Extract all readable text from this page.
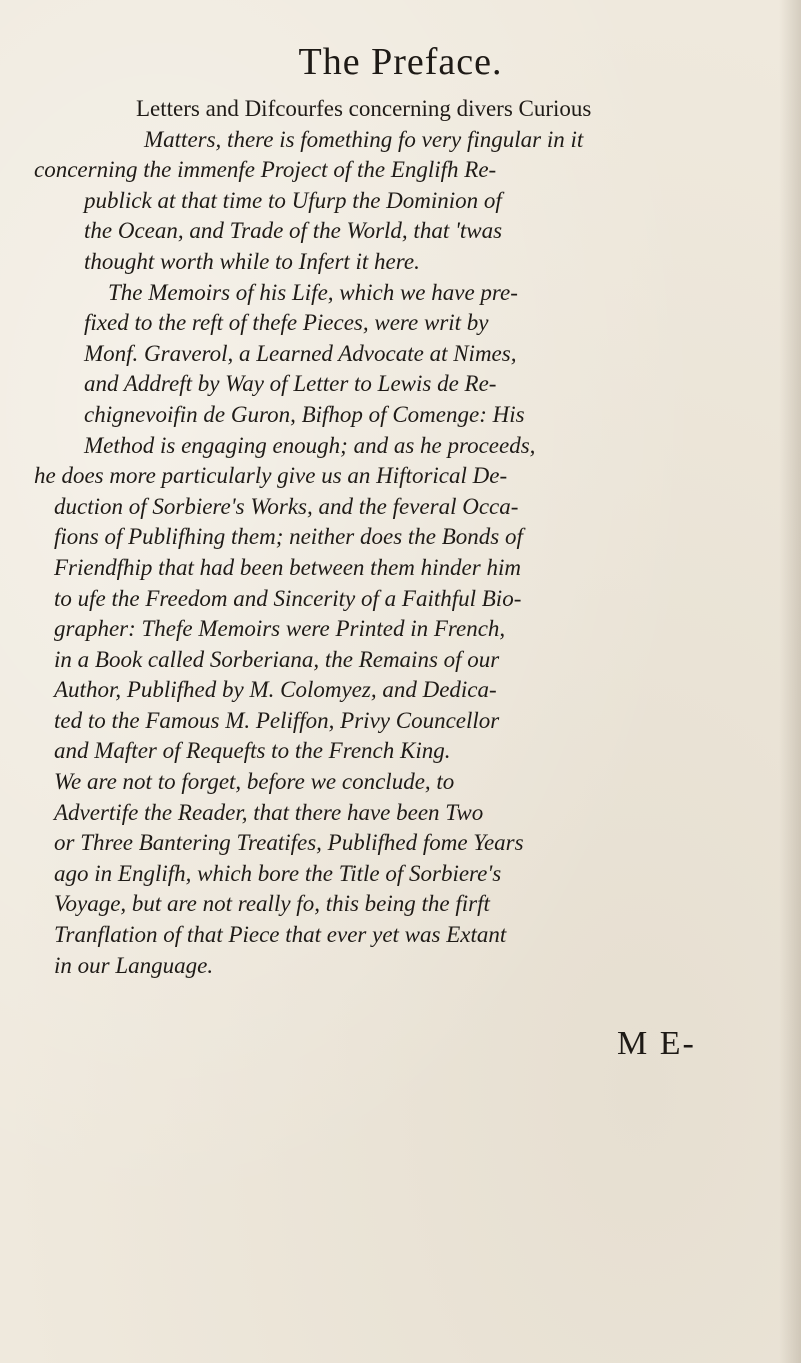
The Preface.
Letters and Difcourfes concerning divers Curious
Matters, there is fomething fo very fingular in it
concerning the immenfe Project of the Englifh Re-
publick at that time to Ufurp the Dominion of
the Ocean, and Trade of the World, that 'twas
thought worth while to Infert it here.
The Memoirs of his Life, which we have pre-
fixed to the reft of thefe Pieces, were writ by
Monf. Graverol, a Learned Advocate at Nimes,
and Addreft by Way of Letter to Lewis de Re-
chignevoifin de Guron, Bifhop of Comenge: His
Method is engaging enough; and as he proceeds,
he does more particularly give us an Hiftorical De-
duction of Sorbiere's Works, and the feveral Occa-
fions of Publifhing them; neither does the Bonds of
Friendfhip that had been between them hinder him
to ufe the Freedom and Sincerity of a Faithful Bio-
grapher: Thefe Memoirs were Printed in French,
in a Book called Sorberiana, the Remains of our
Author, Publifhed by M. Colomyez, and Dedica-
ted to the Famous M. Peliffon, Privy Councellor
and Mafter of Requefts to the French King.
We are not to forget, before we conclude, to
Advertife the Reader, that there have been Two
or Three Bantering Treatifes, Publifhed fome Years
ago in Englifh, which bore the Title of Sorbiere's
Voyage, but are not really fo, this being the firft
Tranflation of that Piece that ever yet was Extant
in our Language.
M E-
